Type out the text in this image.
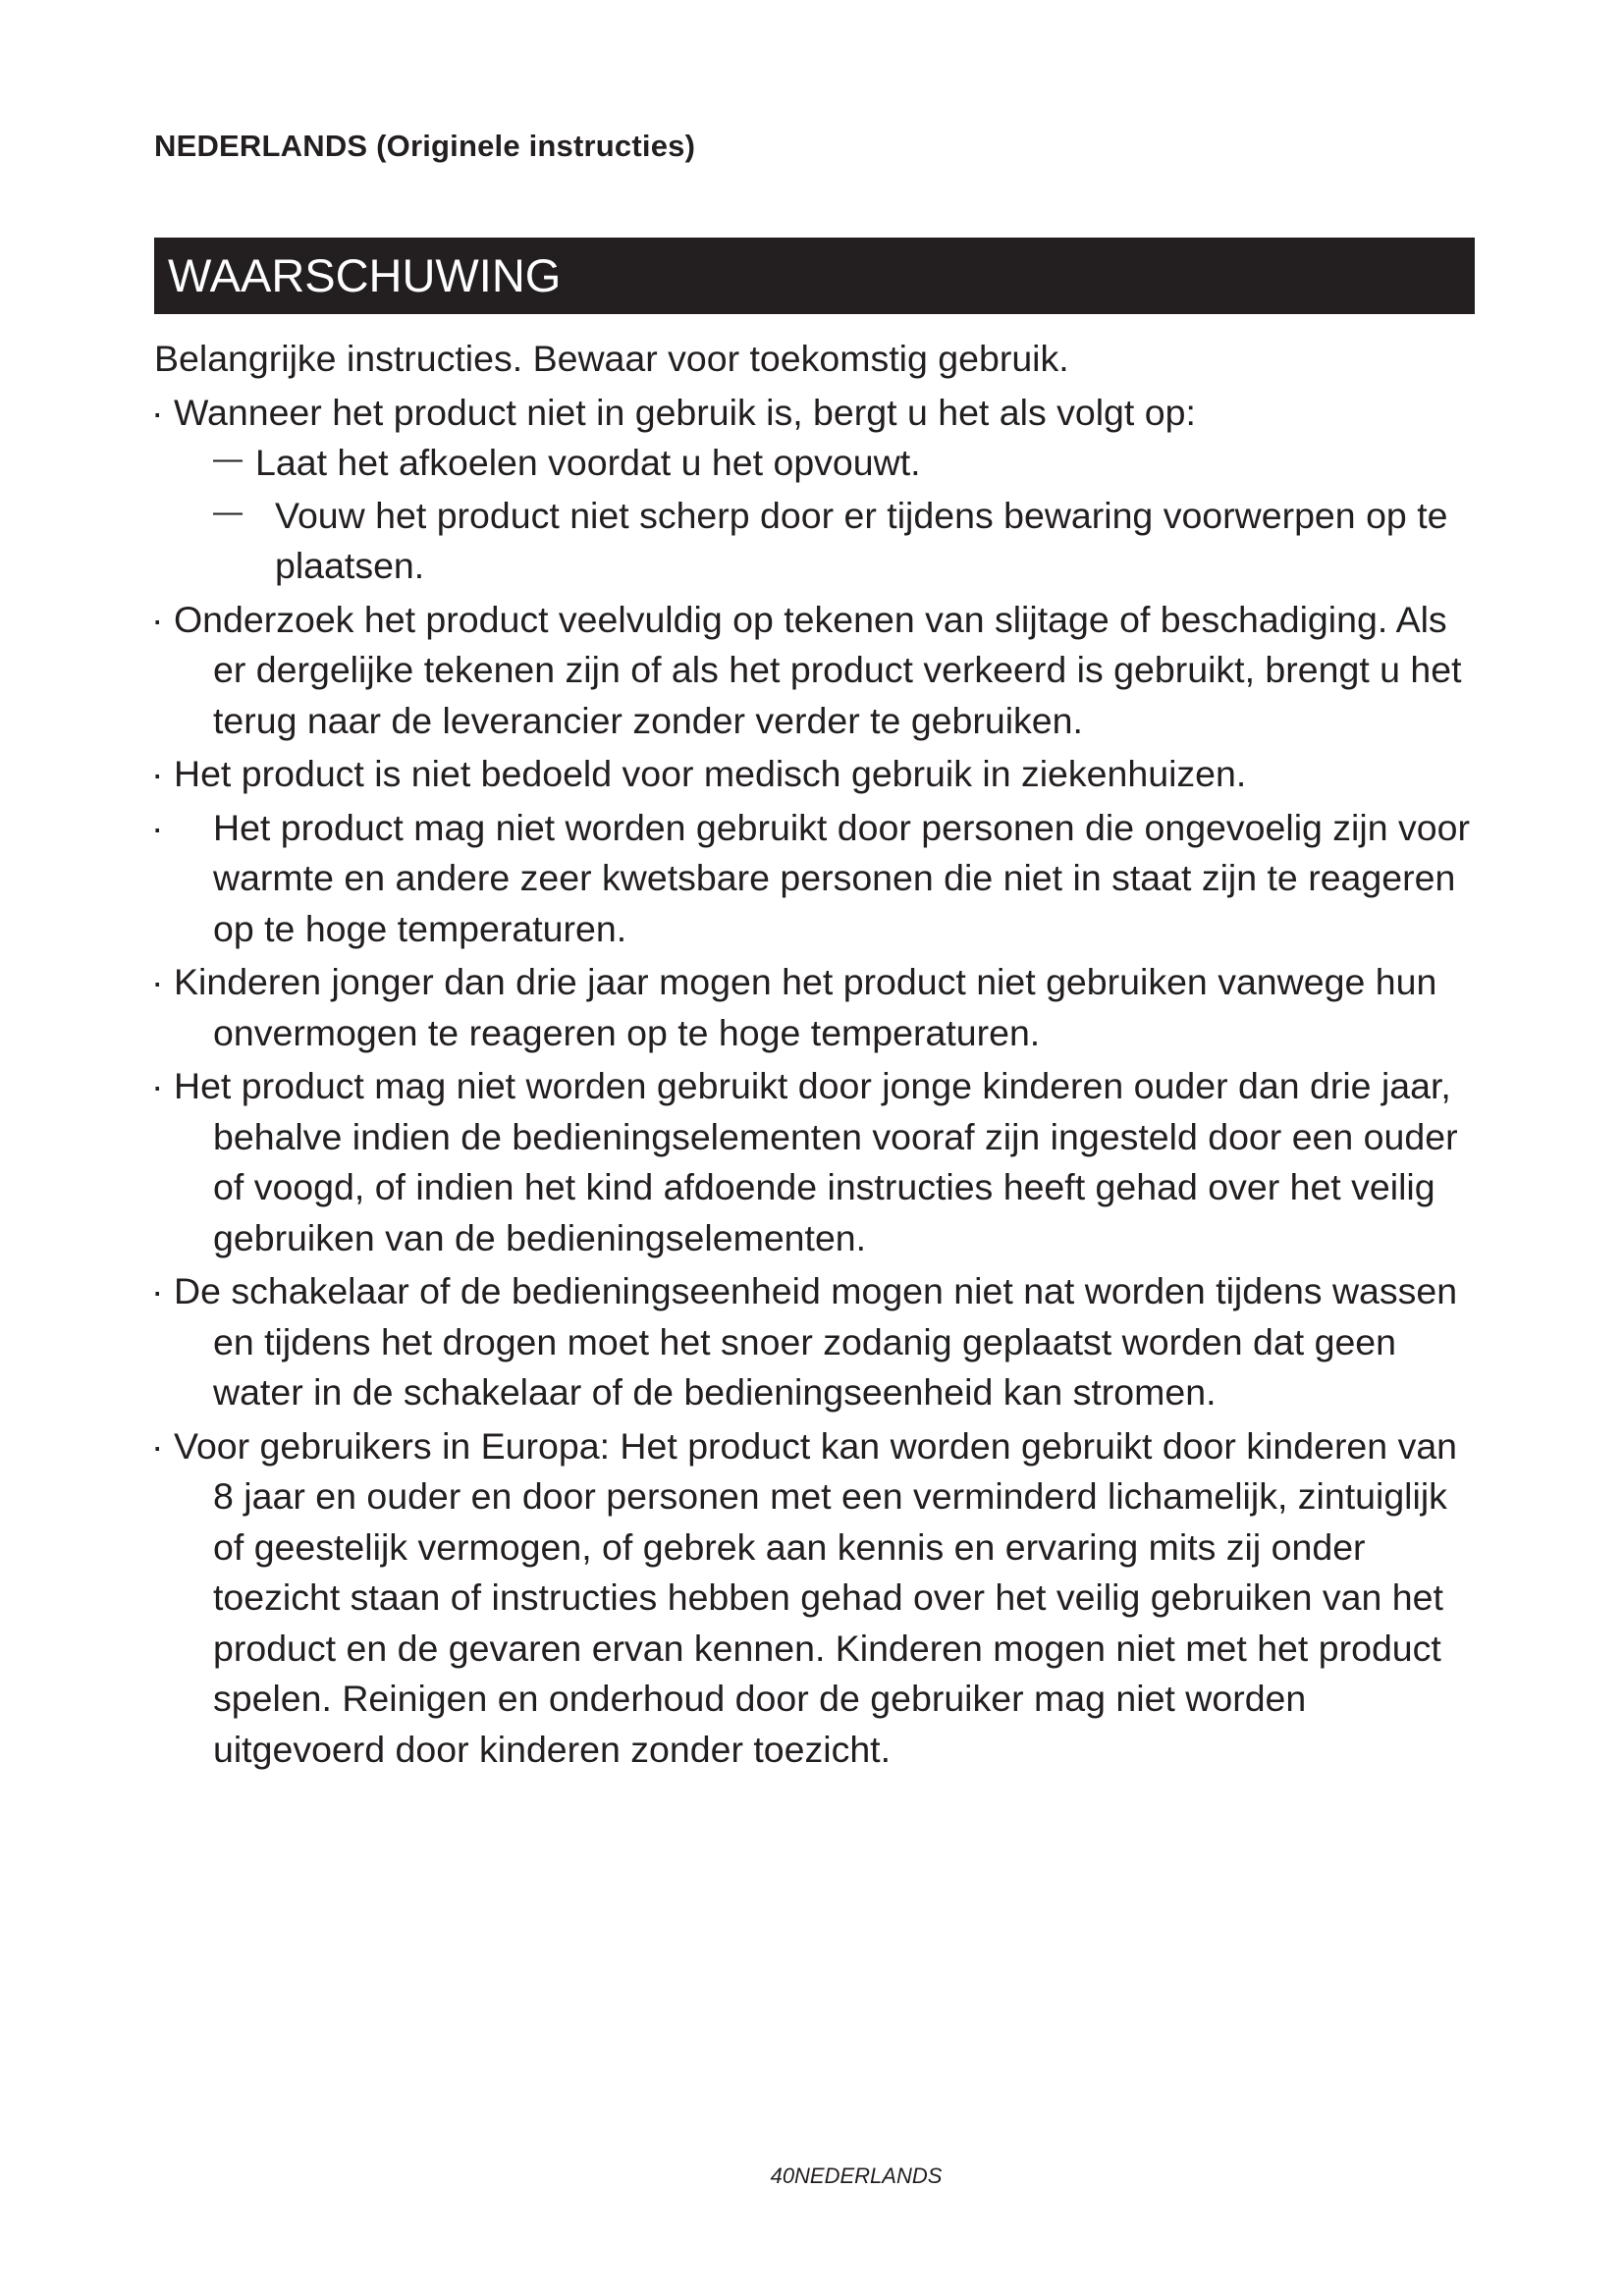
NEDERLANDS (Originele instructies)
WAARSCHUWING
Belangrijke instructies. Bewaar voor toekomstig gebruik.
· Wanneer het product niet in gebruik is, bergt u het als volgt op:
— Laat het afkoelen voordat u het opvouwt.
— Vouw het product niet scherp door er tijdens bewaring voorwerpen op te plaatsen.
· Onderzoek het product veelvuldig op tekenen van slijtage of beschadiging. Als er dergelijke tekenen zijn of als het product verkeerd is gebruikt, brengt u het terug naar de leverancier zonder verder te gebruiken.
· Het product is niet bedoeld voor medisch gebruik in ziekenhuizen.
·	Het product mag niet worden gebruikt door personen die ongevoelig zijn voor warmte en andere zeer kwetsbare personen die niet in staat zijn te reageren op te hoge temperaturen.
· Kinderen jonger dan drie jaar mogen het product niet gebruiken vanwege hun onvermogen te reageren op te hoge temperaturen.
· Het product mag niet worden gebruikt door jonge kinderen ouder dan drie jaar, behalve indien de bedieningselementen vooraf zijn ingesteld door een ouder of voogd, of indien het kind afdoende instructies heeft gehad over het veilig gebruiken van de bedieningselementen.
· De schakelaar of de bedieningseenheid mogen niet nat worden tijdens wassen en tijdens het drogen moet het snoer zodanig geplaatst worden dat geen water in de schakelaar of de bedieningseenheid kan stromen.
· Voor gebruikers in Europa: Het product kan worden gebruikt door kinderen van 8 jaar en ouder en door personen met een verminderd lichamelijk, zintuiglijk of geestelijk vermogen, of gebrek aan kennis en ervaring mits zij onder toezicht staan of instructies hebben gehad over het veilig gebruiken van het product en de gevaren ervan kennen. Kinderen mogen niet met het product spelen. Reinigen en onderhoud door de gebruiker mag niet worden uitgevoerd door kinderen zonder toezicht.
40NEDERLANDS
